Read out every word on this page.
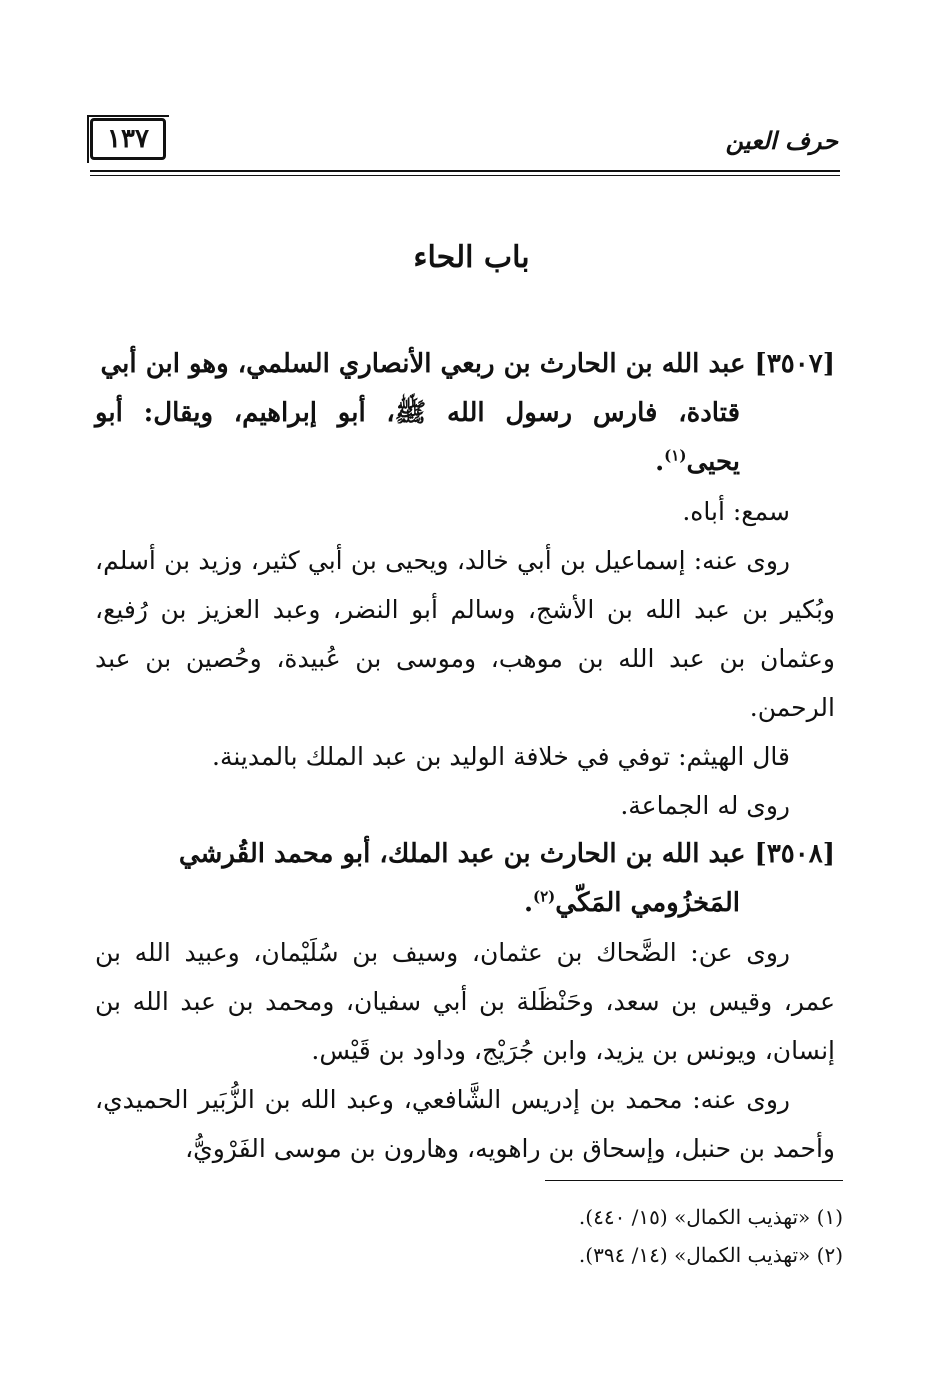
حرف العين
١٣٧
باب الحاء

[٣٥٠٧] عبد الله بن الحارث بن ربعي الأنصاري السلمي، وهو ابن أبي
قتادة، فارس رسول الله ﷺ، أبو إبراهيم، ويقال: أبو يحيى$^{(١)}$.

سمع: أباه.

روى عنه: إسماعيل بن أبي خالد، ويحيى بن أبي كثير، وزيد بن أسلم، وبُكير بن عبد الله بن الأشج، وسالم أبو النضر، وعبد العزيز بن رُفيع، وعثمان بن عبد الله بن موهب، وموسى بن عُبيدة، وحُصين بن عبد الرحمن.

قال الهيثم: توفي في خلافة الوليد بن عبد الملك بالمدينة.

روى له الجماعة.

[٣٥٠٨] عبد الله بن الحارث بن عبد الملك، أبو محمد القُرشي
المَخزُومي المَكّي$^{(٢)}$.

روى عن: الضَّحاك بن عثمان، وسيف بن سُلَيْمان، وعبيد الله بن عمر، وقيس بن سعد، وحَنْظَلة بن أبي سفيان، ومحمد بن عبد الله بن إنسان، ويونس بن يزيد، وابن جُرَيْج، وداود بن قَيْس.

روى عنه: محمد بن إدريس الشَّافعي، وعبد الله بن الزُّبَير الحميدي، وأحمد بن حنبل، وإسحاق بن راهويه، وهارون بن موسى الفَرْويُّ،

(١) «تهذيب الكمال» (١٥/ ٤٤٠).

(٢) «تهذيب الكمال» (١٤/ ٣٩٤).
